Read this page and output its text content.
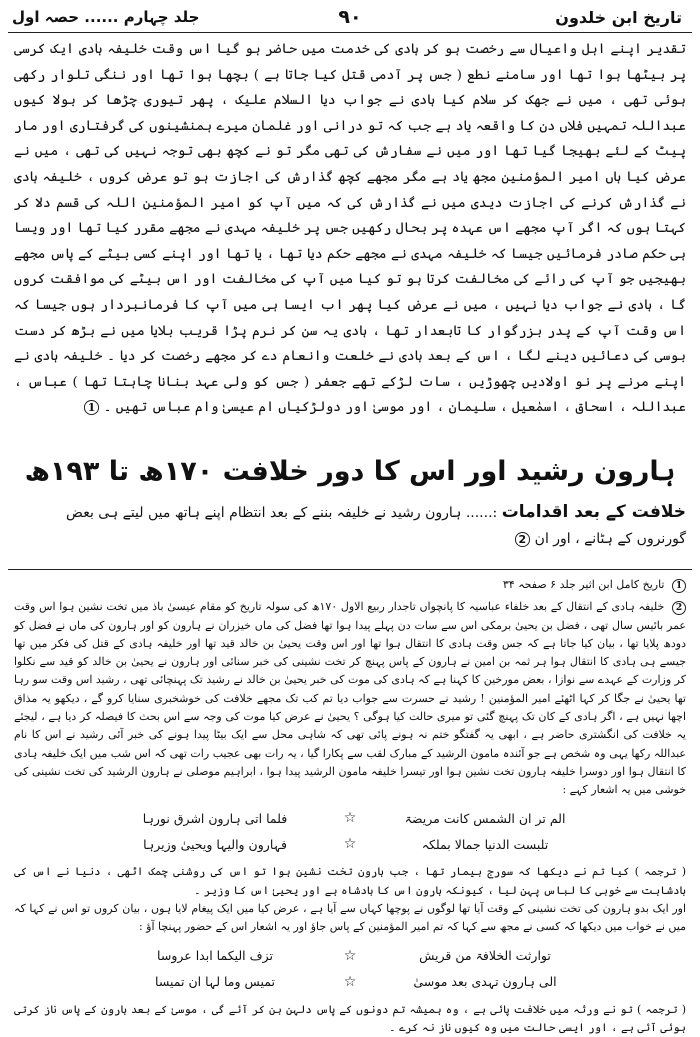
تاریخ ابن خلدون
۹۰
جلد چہارم ...... حصہ اول

تقدیر اپنے اہل واعیال سے رخصت ہو کر ہادی کی خدمت میں حاضر ہو گیا اس وقت خلیفہ ہادی ایک کرسی پر بیٹھا ہوا تھا اور سامنے نطع ( جس پر آدمی قتل کیا جاتا ہے ) بچھا ہوا تھا اور ننگی تلوار رکھی ہوئی تھی ، میں نے جھک کر سلام کیا ہادی نے جواب دیا السلام علیک ، پھر تیوری چڑھا کر بولا کیوں عبداللہ تمہیں فلاں دن کا واقعہ یاد ہے جب کہ تو درانی اور غلمان میرے ہمنشینوں کی گرفتاری اور مار پیٹ کے لئے بھیجا گیا تھا اور میں نے سفارش کی تھی مگر تو نے کچھ بھی توجہ نہیں کی تھی ، میں نے عرض کیا ہاں امیر المؤمنین مجھ یاد ہے مگر مجھے کچھ گذارش کی اجازت ہو تو عرض کروں ، خلیفہ ہادی نے گذارش کرنے کی اجازت دیدی میں نے گذارش کی کہ میں آپ کو امیر المؤمنین اللہ کی قسم دلا کر کہتا ہوں کہ اگر آپ مجھے اس عہدہ پر بحال رکھیں جس پر خلیفہ مہدی نے مجھے مقرر کیا تھا اور ویسا ہی حکم صادر فرمائیں جیسا کہ خلیفہ مہدی نے مجھے حکم دیا تھا ، یا تھا اور اپنے کسی بیٹے کے پاس مجھے بھیجیں جو آپ کی رائے کی مخالفت کرتا ہو تو کیا میں آپ کی مخالفت اور اس بیٹے کی موافقت کروں گا ، ہادی نے جواب دیا نہیں ، میں نے عرض کیا پھر اب ایسا ہی میں آپ کا فرمانبردار ہوں جیسا کہ اس وقت آپ کے پدر بزرگوار کا تابعدار تھا ، ہادی یہ سن کر نرم پڑا قریب بلایا میں نے بڑھ کر دست بوسی کی دعائیں دینے لگا ، اس کے بعد ہادی نے خلعت وانعام دے کر مجھے رخصت کر دیا ۔ خلیفہ ہادی نے اپنے مرنے پر نو اولادیں چھوڑیں ، سات لڑکے تھے جعفر ( جس کو ولی عہد بنانا چاہتا تھا ) عباس ، عبداللہ ، اسحاق ، اسمٰعیل ، سلیمان ، اور موسیٰ اور دولڑکیاں ام عیسیٰ وام عباس تھیں ۔ 1

ہارون رشید اور اس کا دور خلافت ۱۷۰ھ تا ۱۹۳ھ
خلافت کے بعد اقدامات :...... ہارون رشید نے خلیفہ بننے کے بعد انتظام اپنے ہاتھ میں لیتے ہی بعض گورنروں کے ہٹانے ، اور ان 2

1 تاریخ کامل ابن اثیر جلد ۶ صفحہ ۳۴

2 خلیفہ ہادی کے انتقال کے بعد خلفاء عباسیہ کا پانچواں تاجدار ربیع الاول ۱۷۰ھ کی سولہ تاریخ کو مقام عیسیٰ باذ میں تخت نشین ہوا اس وقت عمر بائیس سال تھی ، فضل بن یحییٰ برمکی اس سے سات دن پہلے پیدا ہوا تھا فضل کی ماں خیزران نے ہارون کو اور ہارون کی ماں نے فضل کو دودھ پلایا تھا ، بیان کیا جاتا ہے کہ جس وقت ہادی کا انتقال ہوا تھا اور اس وقت یحییٰ بن خالد قید تھا اور خلیفہ ہادی کے قتل کی فکر میں تھا جیسے ہی ہادی کا انتقال ہوا ہر ثمہ بن امین نے ہارون کے پاس پہنچ کر تخت نشینی کی خبر سنائی اور ہارون نے یحییٰ بن خالد کو قید سے نکلوا کر وزارت کے عہدے سے نوازا ، بعض مورخین کا کہنا ہے کہ ہادی کی موت کی خبر یحییٰ بن خالد نے رشید تک پہنچائی تھی ، رشید اس وقت سو رہا تھا یحییٰ نے جگا کر کہا اٹھئے امیر المؤمنین ! رشید نے حسرت سے جواب دیا تم کب تک مجھے خلافت کی خوشخبری سنایا کرو گے ، دیکھو یہ مذاق اچھا نہیں ہے ، اگر ہادی کے کان تک پہنچ گئی تو میری حالت کیا ہوگی ؟ یحییٰ نے عرض کیا موت کی وجہ سے اس بحث کا فیصلہ کر دیا ہے ، لیجئے یہ خلافت کی انگشتری حاضر ہے ، ابھی یہ گفتگو ختم نہ ہونے پائی تھی کہ شاہی محل سے ایک بیٹا پیدا ہونے کی خبر آئی رشید نے اس کا نام عبداللہ رکھا یہی وہ شخص ہے جو آئندہ مامون الرشید کے مبارک لقب سے پکارا گیا ، یہ رات بھی عجیب رات تھی کہ اس شب میں ایک خلیفہ ہادی کا انتقال ہوا اور دوسرا خلیفہ ہارون تخت نشین ہوا اور تیسرا خلیفہ مامون الرشید پیدا ہوا ، ابراہیم موصلی نے ہارون الرشید کی تخت نشینی کی خوشی میں یہ اشعار کہے :

الم تر ان الشمس کانت مریضۃ
☆
فلما اتی ہارون اشرق نورہا
تلبست الدنیا جمالا بملکہ
☆
فہارون والیہا ویحییٰ وزیرہا
( ترجمہ ) کیا تم نے دیکھا کہ سورج بیمار تھا ، جب ہارون تخت نشین ہوا تو اس کی روشنی چمک اٹھی ، دنیا نے اس کی بادشاہت سے خوبی کا لباس پہن لیا ، کیونکہ ہارون اس کا بادشاہ ہے اور یحییٰ اس کا وزیر ۔
اور ایک بدو ہارون کی تخت نشینی کے وقت آیا تھا لوگوں نے پوچھا کہاں سے آیا ہے ، عرض کیا میں ایک پیغام لایا ہوں ، بیان کروں تو اس نے کہا کہ میں نے خواب میں دیکھا کہ کسی نے مجھ سے کہا کہ تم امیر المؤمنین کے پاس جاؤ اور یہ اشعار اس کے حضور پہنچا آؤ :
توارثت الخلافۃ من قریش
☆
تزف الیکما ابدا عروسا
الی ہارون تہدی بعد موسیٰ
☆
تمیس وما لہا ان تمیسا
( ترجمہ ) تو نے ورثہ میں خلافت پائی ہے ، وہ ہمیشہ تم دونوں کے پاس دلہن بن کر آئے گی ، موسیٰ کے بعد ہارون کے پاس ناز کرتی ہوئی آئی ہے ، اور ایسی حالت میں وہ کیوں ناز نہ کرے ۔
